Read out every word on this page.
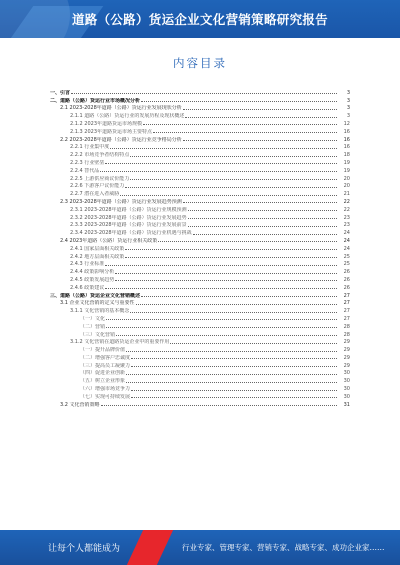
道路（公路）货运企业文化营销策略研究报告
内容目录
一、引言	3
二、道路（公路）货运行业市场概况分析	3
2.1 2023-2028年道路（公路）货运行业发展现状分析	3
2.1.1 道路（公路）货运行业的发展历程及现状概述	3
2.1.2 2023年道路货运市场规模	12
2.1.3 2023年道路货运市场主要特点	16
2.2 2023-2028年道路（公路）货运行业竞争格局分析	16
2.2.1 行业集中度	16
2.2.2 市场竞争者结构特点	18
2.2.3 行业壁垒	19
2.2.4 替代品	19
2.2.5 上游供应商议价能力	20
2.2.6 下游客户议价能力	20
2.2.7 潜在进入者威胁	21
2.3 2023-2028年道路（公路）货运行业发展趋势预测	22
2.3.1 2023-2028年道路（公路）货运行业规模预测	22
2.3.2 2023-2028年道路（公路）货运行业发展趋势	23
2.3.3 2023-2028年道路（公路）货运行业发展前景	23
2.3.4 2023-2028年道路（公路）货运行业机遇与挑战	24
2.4 2023年道路（公路）货运行业相关政策	24
2.4.1 国家层面相关政策	24
2.4.2 地方层面相关政策	25
2.4.3 行业标准	25
2.4.4 政策影响分析	26
2.4.5 政策发展趋势	26
2.4.6 政策建议	26
三、道路（公路）货运企业文化营销概述	27
3.1 企业文化营销的定义与重要性	27
3.1.1 文化营销的基本概念	27
（一）文化	27
（二）营销	28
（三）文化营销	28
3.1.2 文化营销在道路货运企业中的重要作用	29
（一）提升品牌价值	29
（二）增强客户忠诚度	29
（三）提高员工凝聚力	29
（四）促进企业创新	30
（五）树立企业形象	30
（六）增强市场竞争力	30
（七）实现可持续发展	30
3.2 文化营销策略	31
让每个人都能成为	行业专家、管理专家、营销专家、战略专家、成功企业家……
